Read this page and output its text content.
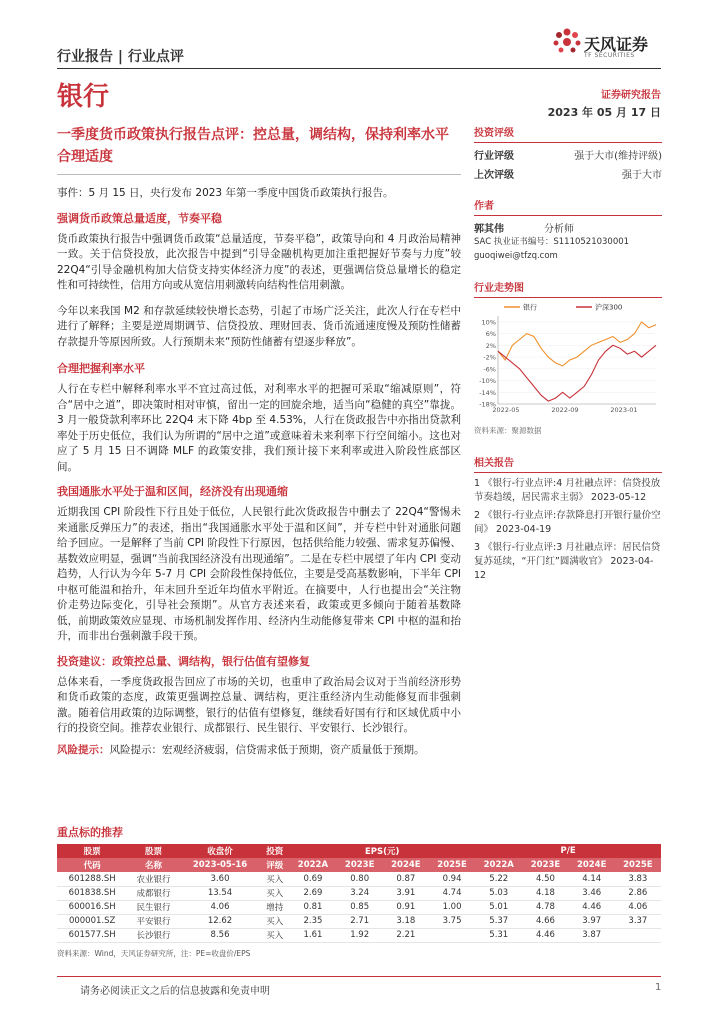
行业报告 | 行业点评
天风证券
TF SECURITIES
银行	证券研究报告
2023 年 05 月 17 日
一季度货币政策执行报告点评：控总量，调结构，保持利率水平合理适度
事件：5 月 15 日，央行发布 2023 年第一季度中国货币政策执行报告。
强调货币政策总量适度，节奏平稳
货币政策执行报告中强调货币政策“总量适度，节奏平稳”，政策导向和 4 月政治局精神一致。关于信贷投放，此次报告中提到“引导金融机构更加注重把握好节奏与力度”较 22Q4“引导金融机构加大信贷支持实体经济力度”的表述，更强调信贷总量增长的稳定性和可持续性，信用方向或从宽信用刺激转向结构性信用刺激。
今年以来我国 M2 和存款延续较快增长态势，引起了市场广泛关注，此次人行在专栏中进行了解释；主要是逆周期调节、信贷投放、理财回表、货币流通速度慢及预防性储蓄存款提升等原因所致。人行预期未来“预防性储蓄有望逐步释放”。
合理把握利率水平
人行在专栏中解释利率水平不宜过高过低，对利率水平的把握可采取“缩减原则”，符合“居中之道”，即决策时相对审慎，留出一定的回旋余地，适当向“稳健的真空”靠拢。3 月一般贷款利率环比 22Q4 末下降 4bp 至 4.53%，人行在货政报告中亦指出贷款利率处于历史低位，我们认为所谓的“居中之道”或意味着未来利率下行空间缩小。这也对应了 5 月 15 日不调降 MLF 的政策安排，我们预计接下来利率或进入阶段性底部区间。
我国通胀水平处于温和区间，经济没有出现通缩
近期我国 CPI 阶段性下行且处于低位，人民银行此次货政报告中删去了 22Q4“警惕未来通胀反弹压力”的表述，指出“我国通胀水平处于温和区间”，并专栏中针对通胀问题给予回应。一是解释了当前 CPI 阶段性下行原因，包括供给能力较强、需求复苏偏慢、基数效应明显，强调“当前我国经济没有出现通缩”。二是在专栏中展望了年内 CPI 变动趋势，人行认为今年 5-7 月 CPI 会阶段性保持低位，主要是受高基数影响，下半年 CPI 中枢可能温和抬升，年末回升至近年均值水平附近。在摘要中，人行也提出会“关注物价走势边际变化，引导社会预期”。从官方表述来看，政策或更多倾向于随着基数降低，前期政策效应显现、市场机制发挥作用、经济内生动能修复带来 CPI 中枢的温和抬升，而非出台强刺激手段干预。
投资建议：政策控总量、调结构，银行估值有望修复
总体来看，一季度货政报告回应了市场的关切，也重申了政治局会议对于当前经济形势和货币政策的态度，政策更强调控总量、调结构，更注重经济内生动能修复而非强刺激。随着信用政策的边际调整，银行的估值有望修复，继续看好国有行和区域优质中小行的投资空间。推荐农业银行、成都银行、民生银行、平安银行、长沙银行。
风险提示：风险提示：宏观经济疲弱，信贷需求低于预期，资产质量低于预期。
投资评级
行业评级	强于大市(维持评级)
上次评级	强于大市
作者
郭其伟	分析师
SAC 执业证书编号：S1110521030001
guoqiwei@tfzq.com
行业走势图
10%
6%
2%
-2%
-6%
-10%
-14%
-18%
2022-05	2022-09	2023-01
银行	沪深300
资料来源：聚源数据
相关报告
1 《银行-行业点评:4 月社融点评：信贷投放节奏趋缓，居民需求主弱》 2023-05-12
2 《银行-行业点评:存款降息打开银行量价空间》 2023-04-19
3 《银行-行业点评:3 月社融点评：居民信贷复苏延续，“开门红”圆满收官》 2023-04-12
重点标的推荐
股票	股票	收盘价	投资	EPS(元)				P/E			
代码	名称	2023-05-16	评级	2022A	2023E	2024E	2025E	2022A	2023E	2024E	2025E
601288.SH	农业银行	3.60	买入	0.69	0.80	0.87	0.94	5.22	4.50	4.14	3.83
601838.SH	成都银行	13.54	买入	2.69	3.24	3.91	4.74	5.03	4.18	3.46	2.86
600016.SH	民生银行	4.06	增持	0.81	0.85	0.91	1.00	5.01	4.78	4.46	4.06
000001.SZ	平安银行	12.62	买入	2.35	2.71	3.18	3.75	5.37	4.66	3.97	3.37
601577.SH	长沙银行	8.56	买入	1.61	1.92	2.21		5.31	4.46	3.87	
资料来源：Wind，天风证券研究所，注：PE=收盘价/EPS
请务必阅读正文之后的信息披露和免责申明	1
